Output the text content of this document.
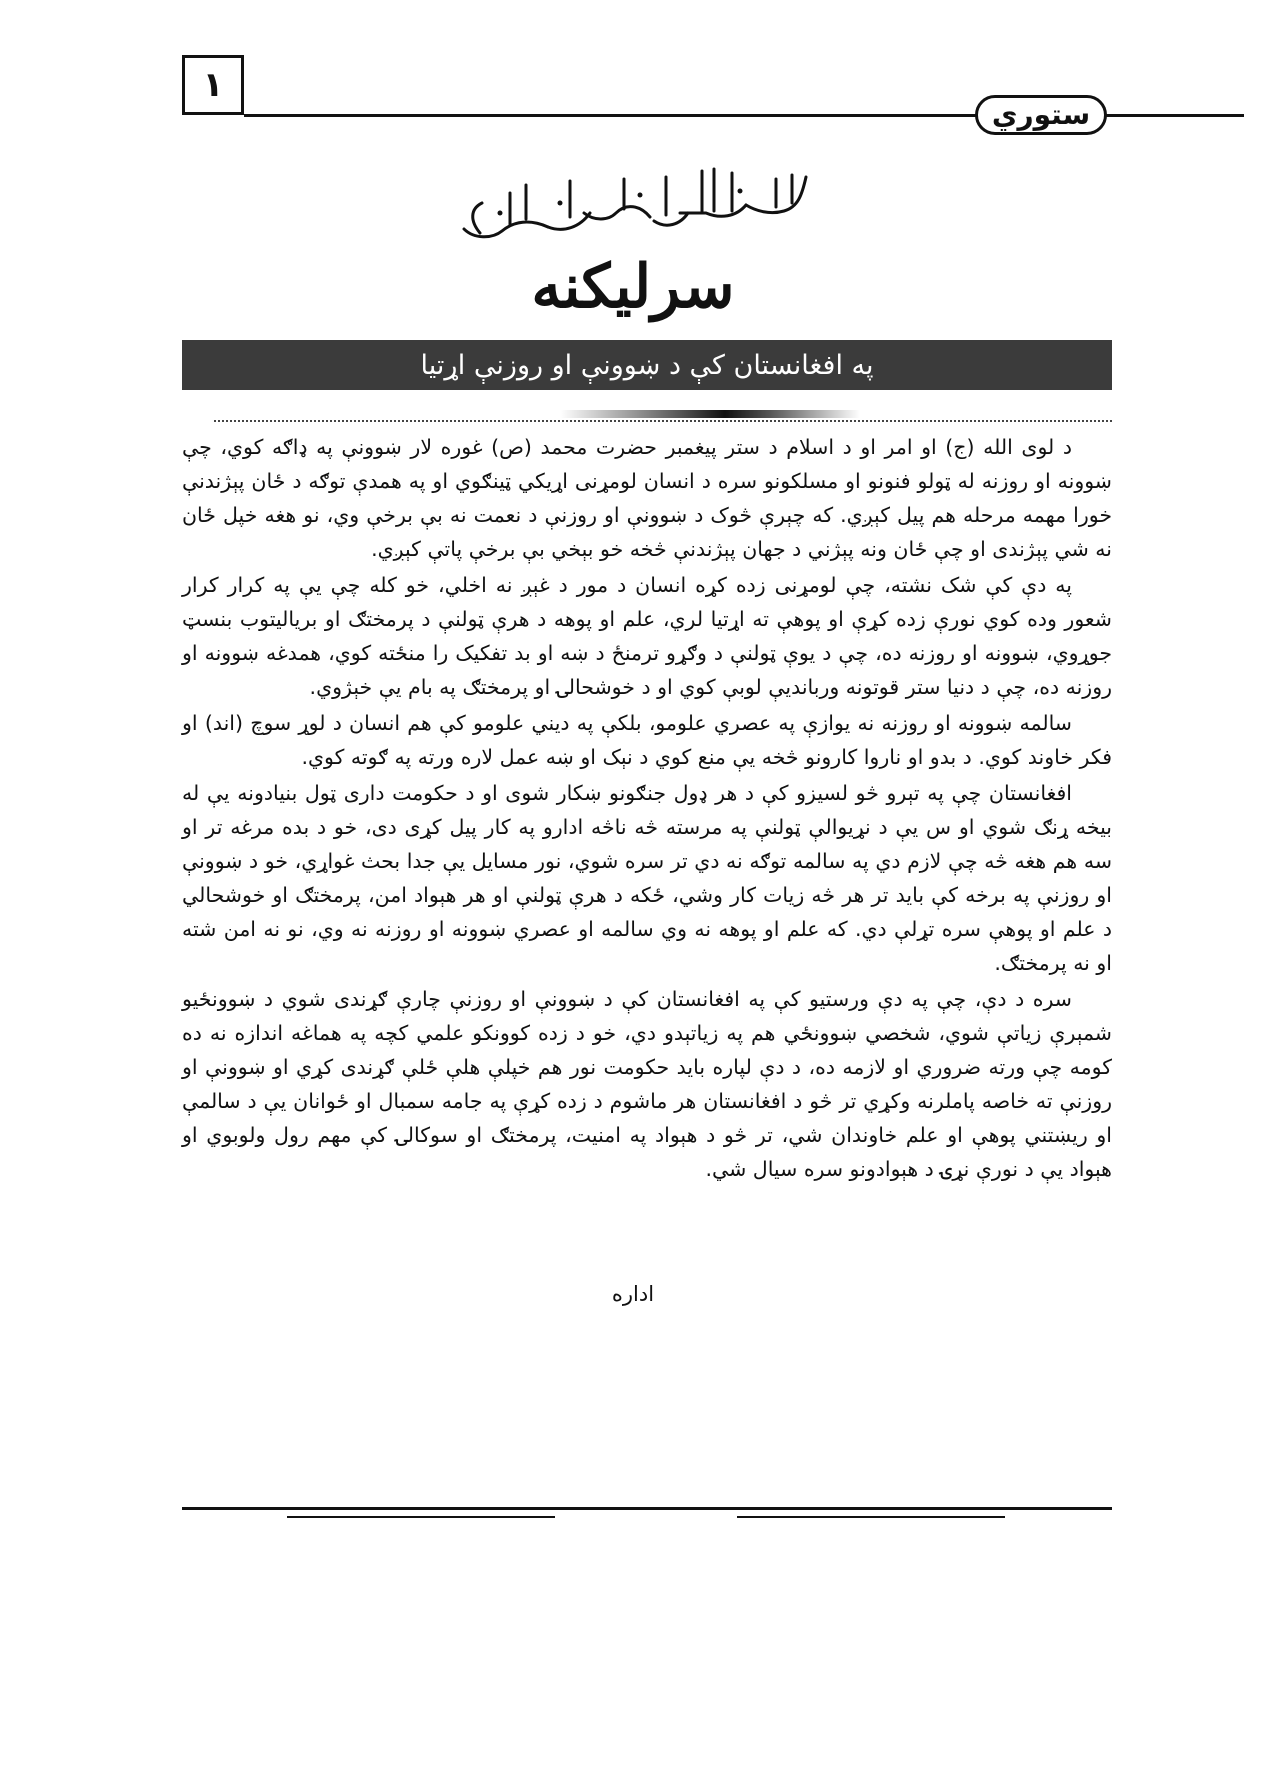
۱
ستوري
سرلیکنه
په افغانستان کې د ښوونې او روزنې اړتیا

د لوی الله (ج) او امر او د اسلام د ستر پیغمبر حضرت محمد (ص) غوره لار ښوونې په ډاګه کوي، چې ښوونه او روزنه له ټولو فنونو او مسلکونو سره د انسان لومړنی اړیکي ټینګوي او په همدې توګه د ځان پېژندنې خورا مهمه مرحله هم پیل کېږي. که چېرې څوک د ښوونې او روزنې د نعمت نه بې برخې وي، نو هغه خپل ځان نه شي پېژندی او چې ځان ونه پېژني د جهان پېژندنې څخه خو بېخي بې برخې پاتې کېږي.

په دې کې شک نشته، چې لومړنی زده کړه انسان د مور د غېږ نه اخلي، خو کله چې یې په کرار کرار شعور وده کوي نورې زده کړې او پوهې ته اړتیا لري، علم او پوهه د هرې ټولنې د پرمختګ او بریالیتوب بنسټ جوړوي، ښوونه او روزنه ده، چې د یوې ټولنې د وګړو ترمنځ د ښه او بد تفکیک را منځته کوي، همدغه ښوونه او روزنه ده، چې د دنیا ستر قوتونه وربانديې لوبې کوي او د خوشحالۍ او پرمختګ په بام یې خېژوي.

سالمه ښوونه او روزنه نه یوازې په عصري علومو، بلکې په دیني علومو کې هم انسان د لوړ سوچ (اند) او فکر خاوند کوي. د بدو او ناروا کارونو څخه یې منع کوي د نېک او ښه عمل لاره ورته په ګوته کوي.

افغانستان چې په تېرو څو لسیزو کې د هر ډول جنګونو ښکار شوی او د حکومت داری ټول بنیادونه یې له بیخه ړنګ شوي او س یې د نړیوالې ټولنې په مرسته څه ناڅه ادارو په کار پیل کړی دی، خو د بده مرغه تر او سه هم هغه څه چې لازم دي په سالمه توګه نه دي تر سره شوي، نور مسایل یې جدا بحث غواړي، خو د ښوونې او روزنې په برخه کې باید تر هر څه زیات کار وشي، ځکه د هرې ټولنې او هر هېواد امن، پرمختګ او خوشحالي د علم او پوهې سره تړلې دي. که علم او پوهه نه وي سالمه او عصري ښوونه او روزنه نه وي، نو نه امن شته او نه پرمختګ.

سره د دې، چې په دې ورستیو کې په افغانستان کې د ښوونې او روزنې چارې ګړندی شوي د ښوونځیو شمېرې زیاتې شوي، شخصي ښوونځي هم په زیاتېدو دي، خو د زده کوونکو علمي کچه په هماغه اندازه نه ده کومه چې ورته ضروري او لازمه ده، د دې لپاره باید حکومت نور هم خپلې هلې ځلې ګړندی کړي او ښوونې او روزنې ته خاصه پاملرنه وکړي تر څو د افغانستان هر ماشوم د زده کړې په جامه سمبال او ځوانان یې د سالمې او ریښتني پوهې او علم خاوندان شي، تر څو د هېواد په امنیت، پرمختګ او سوکالۍ کې مهم رول ولوبوي او هېواد یې د نورې نړۍ د هېوادونو سره سیال شي.

اداره
